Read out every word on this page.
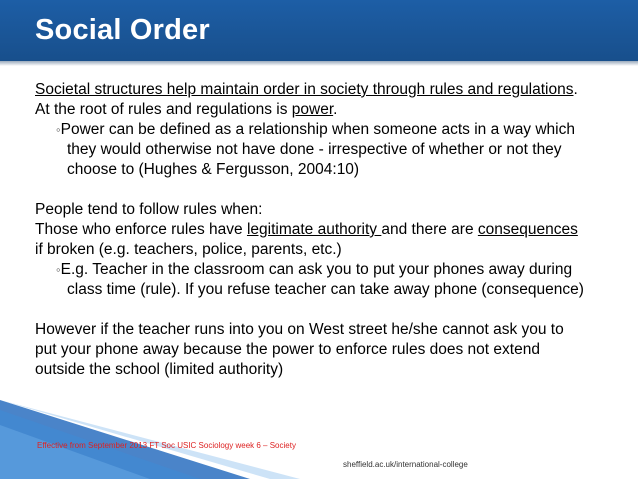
Social Order
Societal structures help maintain order in society through rules and regulations.
At the root of rules and regulations is power.
◦Power can be defined as a relationship when someone acts in a way which
they would otherwise not have done - irrespective of whether or not they
choose to (Hughes & Fergusson, 2004:10)
People tend to follow rules when:
Those who enforce rules have legitimate authority and there are consequences
if broken (e.g. teachers, police, parents, etc.)
◦E.g. Teacher in the classroom can ask you to put your phones away during
class time (rule). If you refuse teacher can take away phone (consequence)
However if the teacher runs into you on West street he/she cannot ask you to
put your phone away because the power to enforce rules does not extend
outside the school (limited authority)
Effective from September 2013 FT Soc USIC Sociology week 6 – Society
sheffield.ac.uk/international-college
